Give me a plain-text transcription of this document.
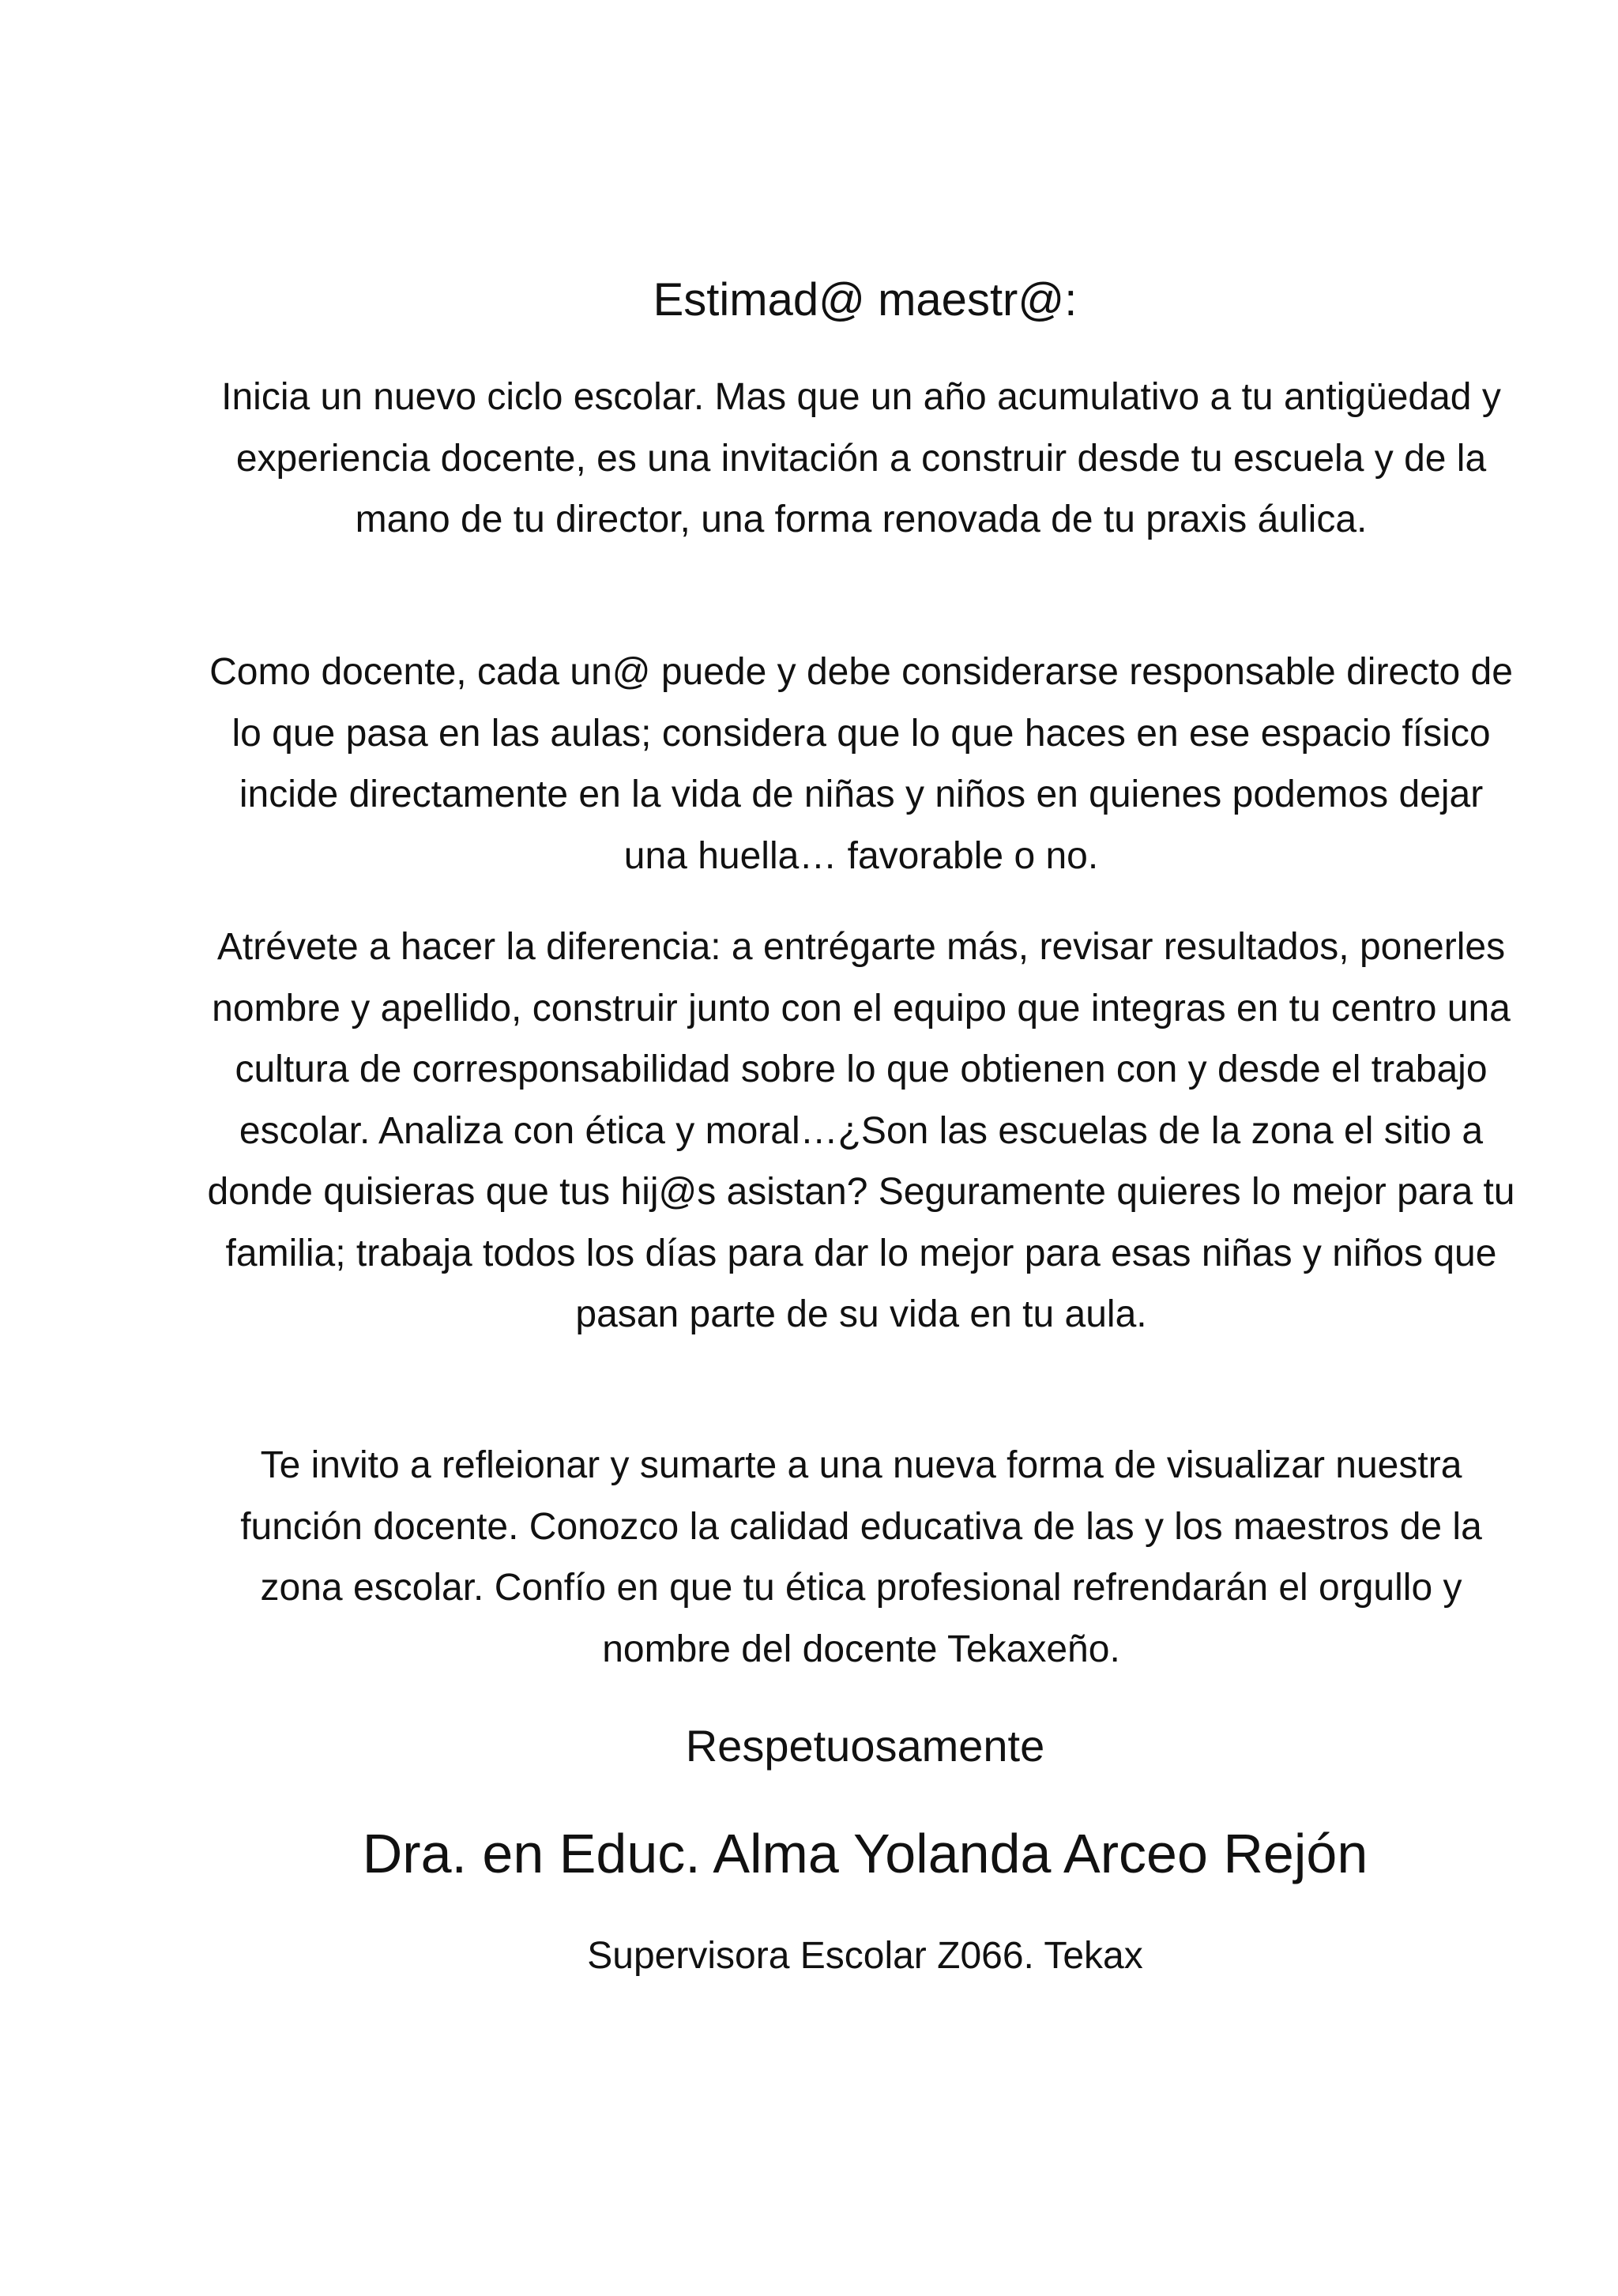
Estimad@ maestr@:

Inicia un nuevo ciclo escolar. Mas que un año acumulativo a tu antigüedad y experiencia docente, es una invitación a construir desde tu escuela y de la mano de tu director, una forma renovada de tu praxis áulica.

Como docente, cada un@ puede y debe considerarse responsable directo de lo que pasa en las aulas; considera que lo que haces en ese espacio físico incide directamente en la vida de niñas y niños en quienes podemos dejar una huella… favorable o no.

Atrévete a hacer la diferencia: a entrégarte más, revisar resultados, ponerles nombre y apellido, construir junto con el equipo que integras en tu centro una cultura de corresponsabilidad sobre lo que obtienen con y desde el trabajo escolar. Analiza con ética y moral…¿Son las escuelas de la zona el sitio a donde quisieras que tus hij@s asistan? Seguramente quieres lo mejor para tu familia; trabaja todos los días para dar lo mejor para esas niñas y niños que pasan parte de su vida en tu aula.

Te invito a refleionar y sumarte a una nueva forma de visualizar nuestra función docente. Conozco la calidad educativa de las y los maestros de la zona escolar. Confío en que tu ética profesional refrendarán el orgullo y nombre del docente Tekaxeño.

Respetuosamente
Dra. en Educ. Alma Yolanda Arceo Rejón
Supervisora Escolar Z066. Tekax
